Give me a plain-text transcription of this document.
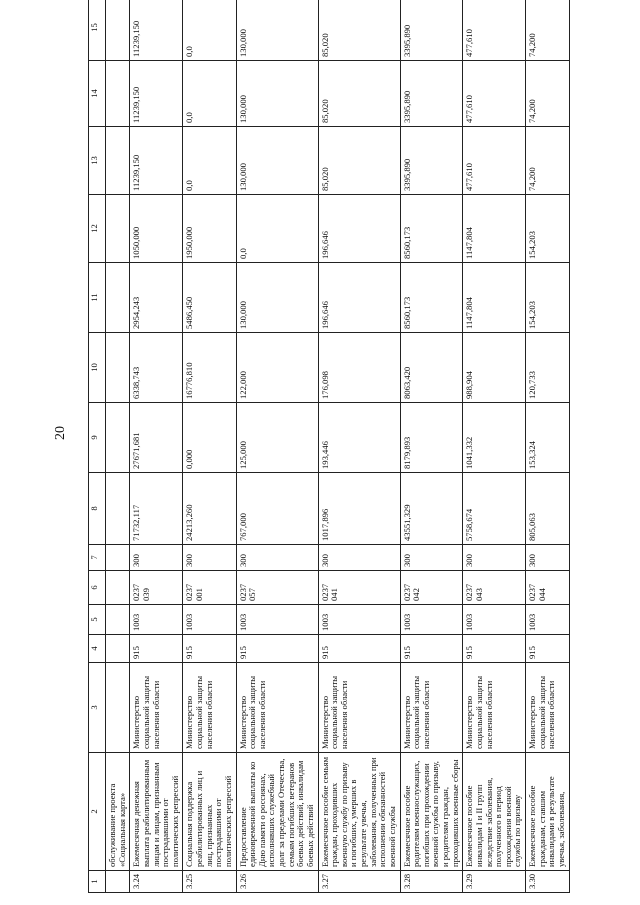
20
1	2	3	4	5	6	7	8	9	10	11	12	13	14	15
	обслуживание проекта «Социальная карта»													
3.24	Ежемесячная денежная выплата реабилитированным лицам и лицам, признанным пострадавшими от политических репрессий	Министерство социальной защиты населения области	915	1003	0237 039	300	71732,117	27671,681	6338,743	2954,243	1050,000	11239,150	11239,150	11239,150
3.25	Социальная поддержка реабилитированных лиц и лиц, признанных пострадавшими от политических репрессий	Министерство социальной защиты населения области	915	1003	0237 001	300	24213,260	0,000	16776,810	5486,450	1950,000	0,0	0,0	0,0
3.26	Предоставление единовременной выплаты ко Дню памяти о россиянах, исполнявших служебный долг за пределами Отечества, семьям погибших ветеранов боевых действий, инвалидам боевых действий	Министерство социальной защиты населения области	915	1003	0237 057	300	767,000	125,000	122,000	130,000	0,0	130,000	130,000	130,000
3.27	Ежемесячное пособие семьям граждан, проходивших военную службу по призыву и погибших, умерших в результате увечья, заболевания, полученных при исполнении обязанностей военной службы	Министерство социальной защиты населения области	915	1003	0237 041	300	1017,896	193,446	176,098	196,646	196,646	85,020	85,020	85,020
3.28	Ежемесячное пособие родителям военнослужащих, погибших при прохождении военной службы по призыву, и родителям граждан, проходивших военные сборы	Министерство социальной защиты населения области	915	1003	0237 042	300	43551,329	8179,893	8063,420	8560,173	8560,173	3395,890	3395,890	3395,890
3.29	Ежемесячное пособие инвалидам I и II групп вследствие заболевания, полученного в период прохождения военной службы по призыву	Министерство социальной защиты населения области	915	1003	0237 043	300	5758,674	1041,332	988,904	1147,804	1147,804	477,610	477,610	477,610
3.30	Ежемесячное пособие гражданам, ставшим инвалидами в результате увечья, заболевания,	Министерство социальной защиты населения области	915	1003	0237 044	300	805,063	153,324	120,733	154,203	154,203	74,200	74,200	74,200
